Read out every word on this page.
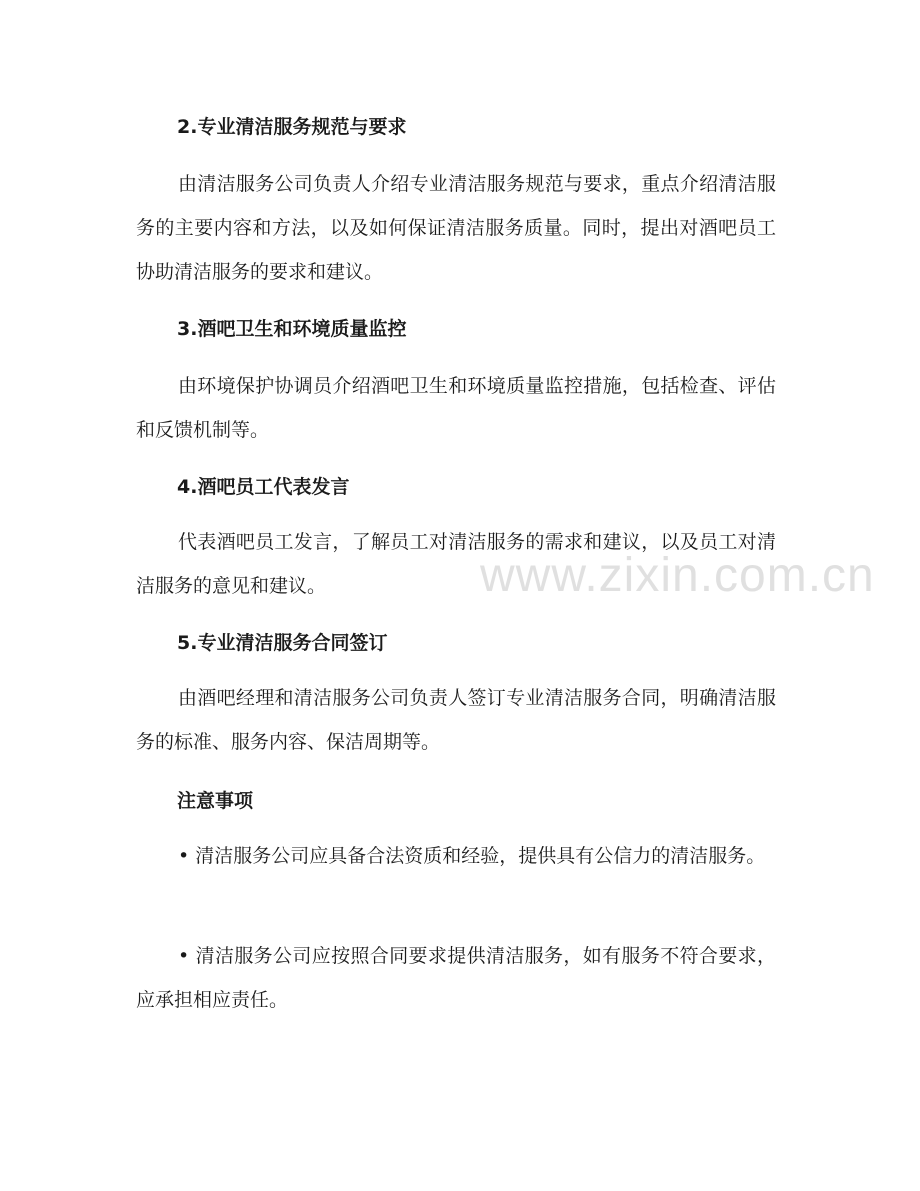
www.zixin.com.cn
2.专业清洁服务规范与要求
由清洁服务公司负责人介绍专业清洁服务规范与要求，重点介绍清洁服务的主要内容和方法，以及如何保证清洁服务质量。同时，提出对酒吧员工协助清洁服务的要求和建议。
3.酒吧卫生和环境质量监控
由环境保护协调员介绍酒吧卫生和环境质量监控措施，包括检查、评估和反馈机制等。
4.酒吧员工代表发言
代表酒吧员工发言，了解员工对清洁服务的需求和建议，以及员工对清洁服务的意见和建议。
5.专业清洁服务合同签订
由酒吧经理和清洁服务公司负责人签订专业清洁服务合同，明确清洁服务的标准、服务内容、保洁周期等。
注意事项
• 清洁服务公司应具备合法资质和经验，提供具有公信力的清洁服务。
• 清洁服务公司应按照合同要求提供清洁服务，如有服务不符合要求，应承担相应责任。
